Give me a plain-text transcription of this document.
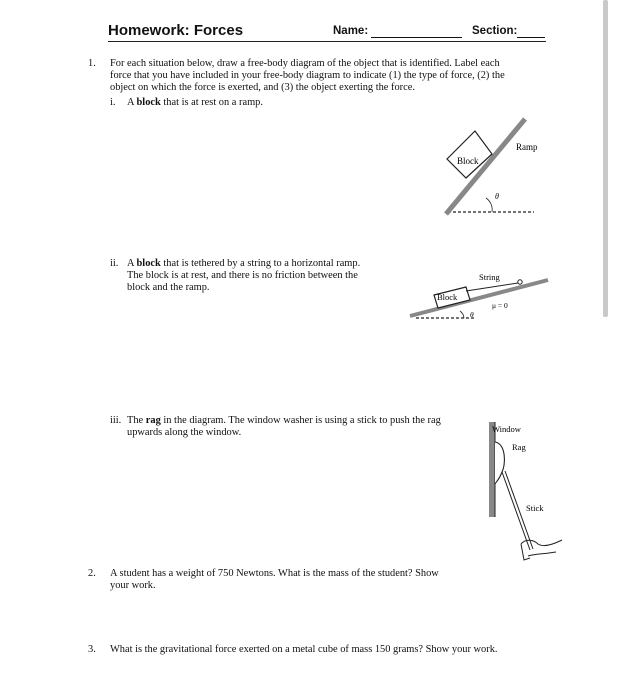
Homework: Forces	Name:	Section:
1. For each situation below, draw a free-body diagram of the object that is identified. Label each
force that you have included in your free-body diagram to indicate (1) the type of force, (2) the
object on which the force is exerted, and (3) the object exerting the force.
i. A block that is at rest on a ramp.
Block
Ramp
θ
ii. A block that is tethered by a string to a horizontal ramp.
The block is at rest, and there is no friction between the
block and the ramp.
Block
String
θ
μ = 0
iii. The rag in the diagram. The window washer is using a stick to push the rag
upwards along the window.	Window
Rag
Stick
2. A student has a weight of 750 Newtons. What is the mass of the student? Show
your work.
3. What is the gravitational force exerted on a metal cube of mass 150 grams? Show your work.
